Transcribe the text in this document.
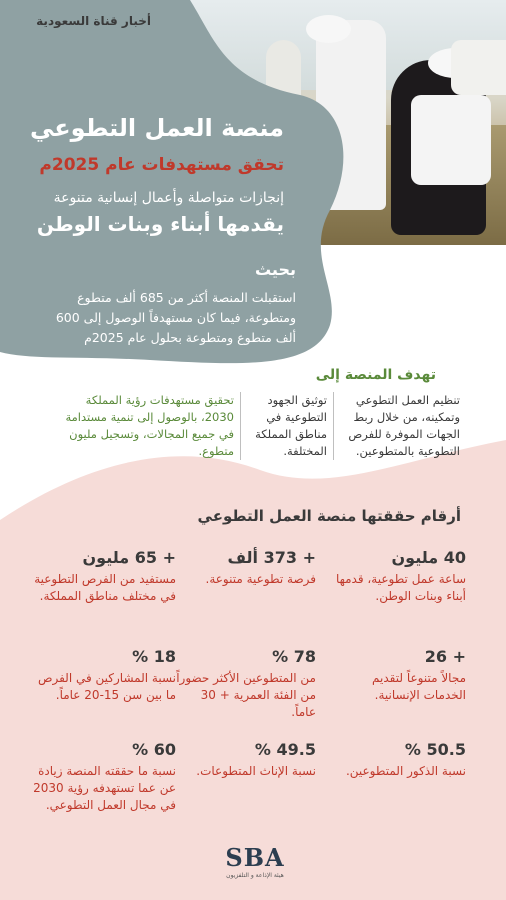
أخبار قناة السعودية
منصة العمل التطوعي
تحقق مستهدفات عام 2025م
إنجازات متواصلة وأعمال إنسانية متنوعة
يقدمها أبناء وبنات الوطن
بحيث
استقبلت المنصة أكثر من 685 ألف متطوع ومتطوعة، فيما كان مستهدفاً الوصول إلى 600 ألف متطوع ومتطوعة بحلول عام 2025م
تهدف المنصة إلى
تنظيم العمل التطوعي وتمكينه، من خلال ربط الجهات الموفرة للفرص التطوعية بالمتطوعين.
توثيق الجهود التطوعية في مناطق المملكة المختلفة.
تحقيق مستهدفات رؤية المملكة 2030، بالوصول إلى تنمية مستدامة في جميع المجالات، وتسجيل مليون متطوع.
أرقام حققتها منصة العمل التطوعي
40 مليون
ساعة عمل تطوعية، قدمها أبناء وبنات الوطن.
+ 373 ألف
فرصة تطوعية متنوعة.
+ 65 مليون
مستفيد من الفرص التطوعية في مختلف مناطق المملكة.
+ 26
مجالاً متنوعاً لتقديم الخدمات الإنسانية.
78 %
من المتطوعين الأكثر حضوراً من الفئة العمرية + 30 عاماً.
18 %
نسبة المشاركين في الفرص ما بين سن 15-20 عاماً.
50.5 %
نسبة الذكور المتطوعين.
49.5 %
نسبة الإناث المتطوعات.
60 %
نسبة ما حققته المنصة زيادة عن عما تستهدفه رؤية 2030 في مجال العمل التطوعي.
SBA
هيئة الإذاعة و التلفزيون
